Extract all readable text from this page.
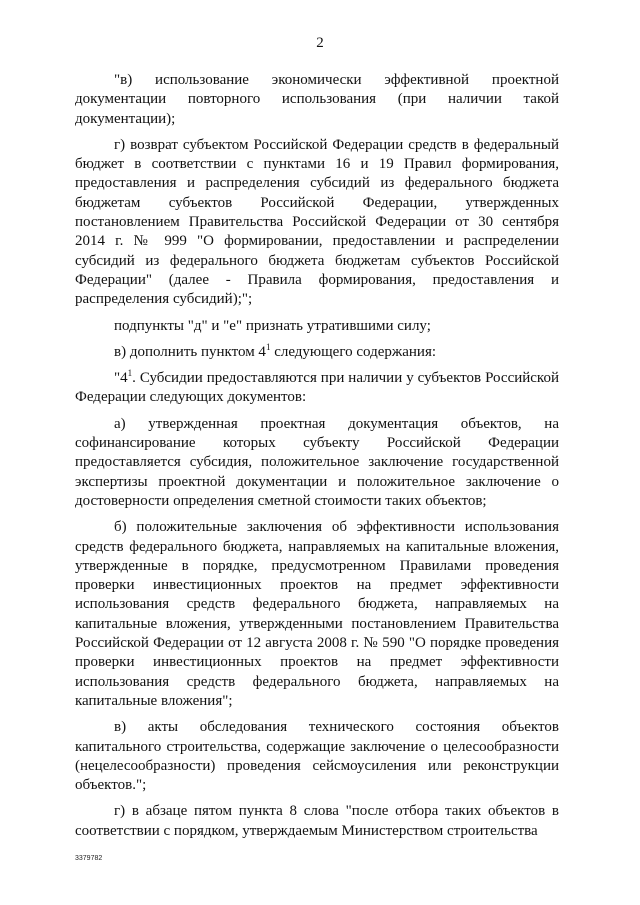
2

"в) использование экономически эффективной проектной документации повторного использования (при наличии такой документации);

г) возврат субъектом Российской Федерации средств в федеральный бюджет в соответствии с пунктами 16 и 19 Правил формирования, предоставления и распределения субсидий из федерального бюджета бюджетам субъектов Российской Федерации, утвержденных постановлением Правительства Российской Федерации от 30 сентября 2014 г. № 999 "О формировании, предоставлении и распределении субсидий из федерального бюджета бюджетам субъектов Российской Федерации" (далее - Правила формирования, предоставления и распределения субсидий);";

подпункты "д" и "е" признать утратившими силу;

в) дополнить пунктом $4^1$ следующего содержания:

"$4^1$. Субсидии предоставляются при наличии у субъектов Российской Федерации следующих документов:

а) утвержденная проектная документация объектов, на софинансирование которых субъекту Российской Федерации предоставляется субсидия, положительное заключение государственной экспертизы проектной документации и положительное заключение о достоверности определения сметной стоимости таких объектов;

б) положительные заключения об эффективности использования средств федерального бюджета, направляемых на капитальные вложения, утвержденные в порядке, предусмотренном Правилами проведения проверки инвестиционных проектов на предмет эффективности использования средств федерального бюджета, направляемых на капитальные вложения, утвержденными постановлением Правительства Российской Федерации от 12 августа 2008 г. № 590 "О порядке проведения проверки инвестиционных проектов на предмет эффективности использования средств федерального бюджета, направляемых на капитальные вложения";

в) акты обследования технического состояния объектов капитального строительства, содержащие заключение о целесообразности (нецелесообразности) проведения сейсмоусиления или реконструкции объектов.";

г) в абзаце пятом пункта 8 слова "после отбора таких объектов в соответствии с порядком, утверждаемым Министерством строительства

3379782
